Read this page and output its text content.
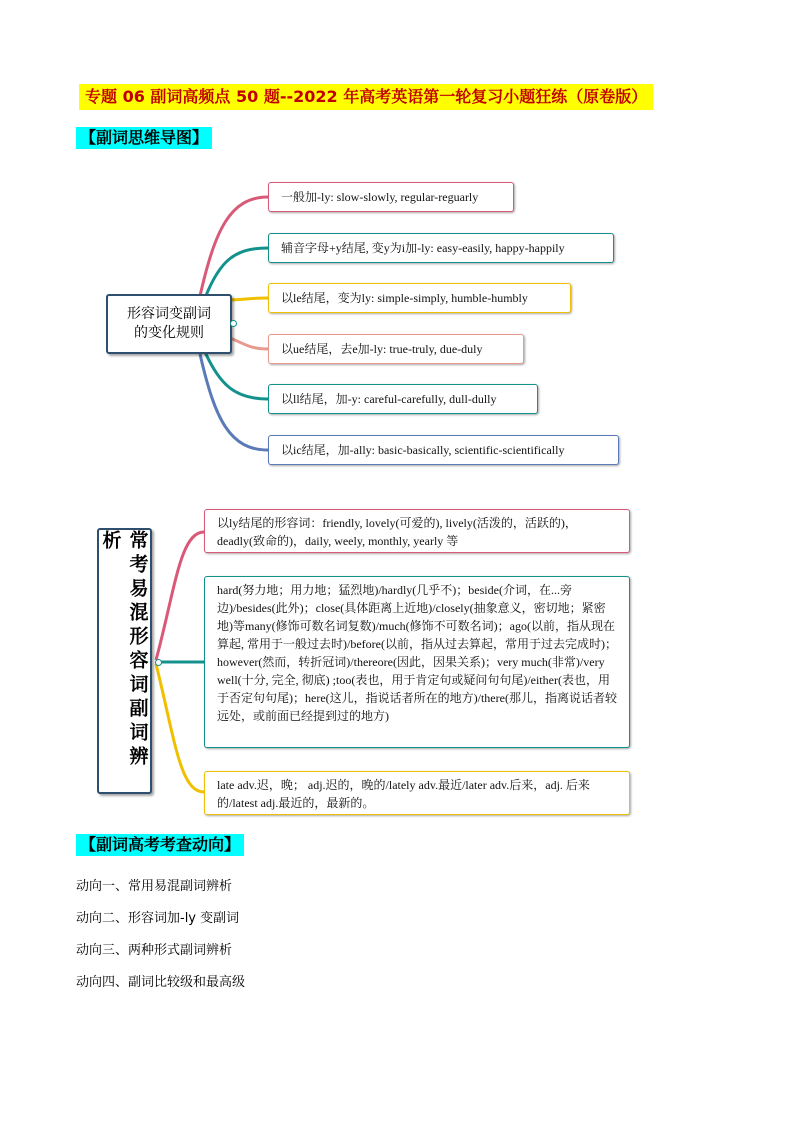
专题 06 副词高频点 50 题--2022 年高考英语第一轮复习小题狂练（原卷版）
【副词思维导图】
形容词变副词
的变化规则
一般加-ly: slow-slowly, regular-reguarly
辅音字母+y结尾, 变y为i加-ly: easy-easily, happy-happily
以le结尾，变为ly: simple-simply, humble-humbly
以ue结尾，去e加-ly: true-truly, due-duly
以ll结尾，加-y: careful-carefully, dull-dully
以ic结尾，加-ally: basic-basically, scientific-scientifically
常考易混形容词副词辨析
以ly结尾的形容词：friendly, lovely(可爱的), lively(活泼的，活跃的)，deadly(致命的)，daily, weely, monthly, yearly 等
hard(努力地；用力地；猛烈地)/hardly(几乎不)；beside(介词，在...旁边)/besides(此外)；close(具体距离上近地)/closely(抽象意义，密切地；紧密地)等many(修饰可数名词复数)/much(修饰不可数名词)；ago(以前，指从现在算起, 常用于一般过去时)/before(以前，指从过去算起，常用于过去完成时)；however(然而，转折冠词)/thereore(因此，因果关系)；very much(非常)/very well(十分, 完全, 彻底) ;too(表也，用于肯定句或疑问句句尾)/either(表也，用于否定句句尾)；here(这儿，指说话者所在的地方)/there(那儿，指离说话者较远处，或前面已经提到过的地方)
late adv.迟，晚； adj.迟的，晚的/lately adv.最近/later adv.后来，adj. 后来的/latest adj.最近的，最新的。
【副词高考考查动向】
动向一、常用易混副词辨析
动向二、形容词加-ly 变副词
动向三、两种形式副词辨析
动向四、副词比较级和最高级
